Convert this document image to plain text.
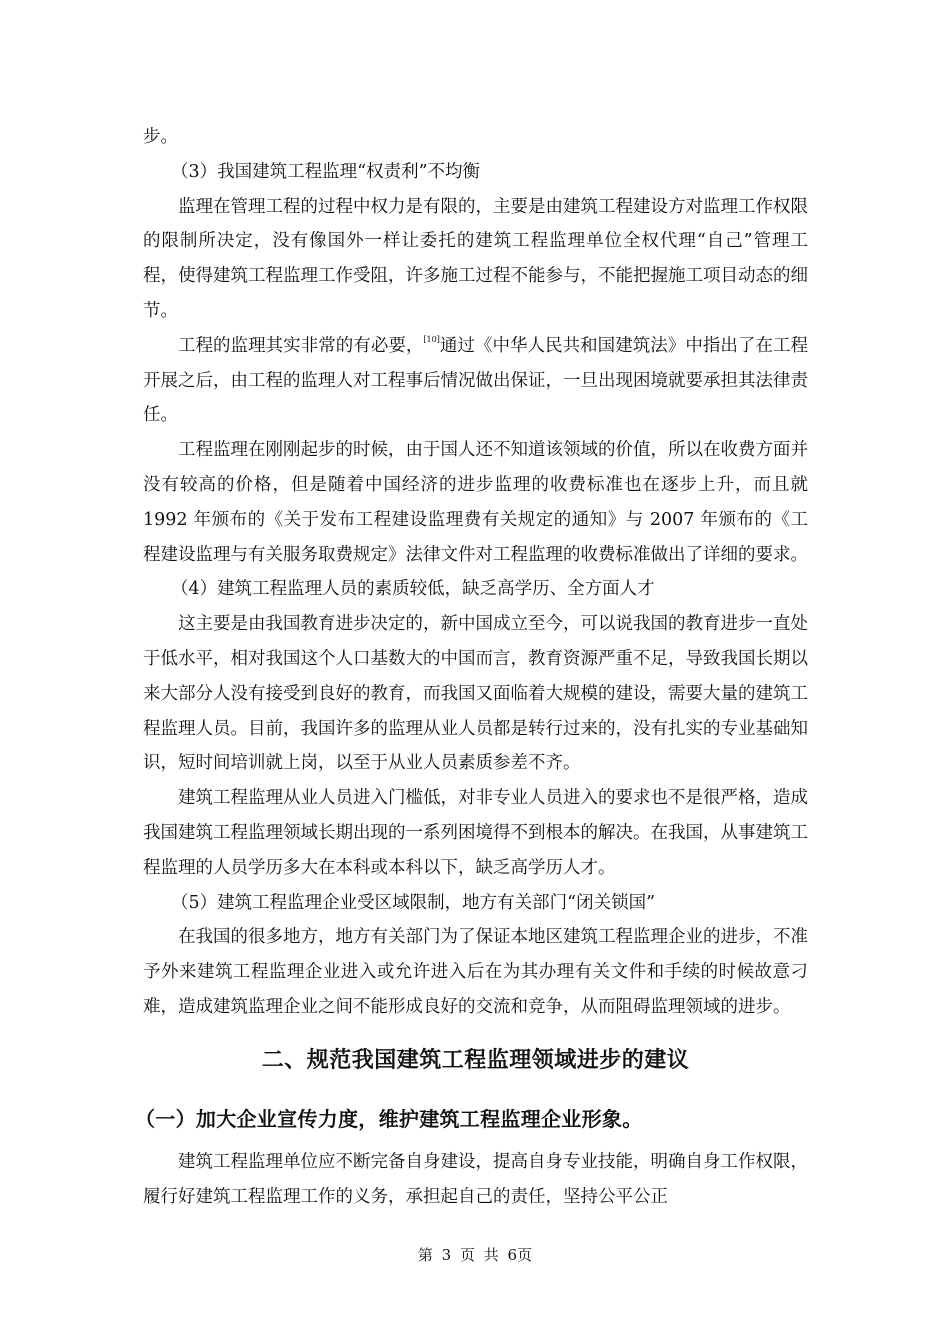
步。

（3）我国建筑工程监理“权责利”不均衡

监理在管理工程的过程中权力是有限的，主要是由建筑工程建设方对监理工作权限的限制所决定，没有像国外一样让委托的建筑工程监理单位全权代理“自己”管理工程，使得建筑工程监理工作受阻，许多施工过程不能参与，不能把握施工项目动态的细节。

工程的监理其实非常的有必要，[10]通过《中华人民共和国建筑法》中指出了在工程开展之后，由工程的监理人对工程事后情况做出保证，一旦出现困境就要承担其法律责任。

工程监理在刚刚起步的时候，由于国人还不知道该领域的价值，所以在收费方面并没有较高的价格，但是随着中国经济的进步监理的收费标准也在逐步上升，而且就 1992 年颁布的《关于发布工程建设监理费有关规定的通知》与 2007 年颁布的《工程建设监理与有关服务取费规定》法律文件对工程监理的收费标准做出了详细的要求。

（4）建筑工程监理人员的素质较低，缺乏高学历、全方面人才

这主要是由我国教育进步决定的，新中国成立至今，可以说我国的教育进步一直处于低水平，相对我国这个人口基数大的中国而言，教育资源严重不足，导致我国长期以来大部分人没有接受到良好的教育，而我国又面临着大规模的建设，需要大量的建筑工程监理人员。目前，我国许多的监理从业人员都是转行过来的，没有扎实的专业基础知识，短时间培训就上岗，以至于从业人员素质参差不齐。

建筑工程监理从业人员进入门槛低，对非专业人员进入的要求也不是很严格，造成我国建筑工程监理领域长期出现的一系列困境得不到根本的解决。在我国，从事建筑工程监理的人员学历多大在本科或本科以下，缺乏高学历人才。

（5）建筑工程监理企业受区域限制，地方有关部门“闭关锁国”

在我国的很多地方，地方有关部门为了保证本地区建筑工程监理企业的进步，不准予外来建筑工程监理企业进入或允许进入后在为其办理有关文件和手续的时候故意刁难，造成建筑监理企业之间不能形成良好的交流和竞争，从而阻碍监理领域的进步。

二、规范我国建筑工程监理领域进步的建议
（一）加大企业宣传力度，维护建筑工程监理企业形象。

建筑工程监理单位应不断完备自身建设，提高自身专业技能，明确自身工作权限，履行好建筑工程监理工作的义务，承担起自己的责任，坚持公平公正

第 3 页 共 6页
